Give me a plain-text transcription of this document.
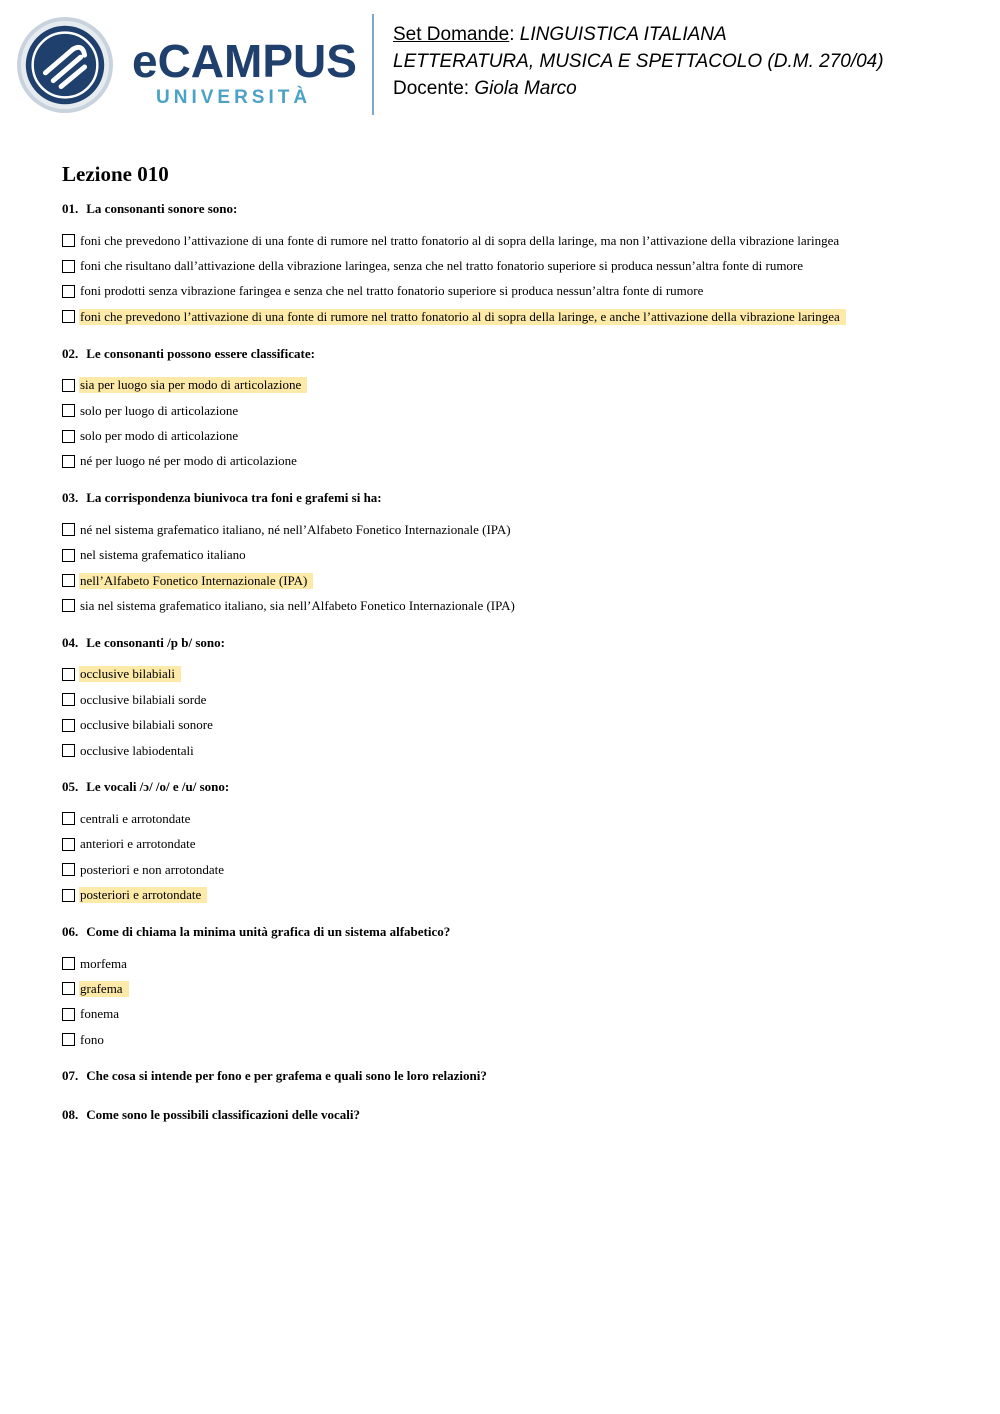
eCAMPUS
UNIVERSITÀ
Set Domande: LINGUISTICA ITALIANA
LETTERATURA, MUSICA E SPETTACOLO (D.M. 270/04)
Docente: Giola Marco
Lezione 010
01. La consonanti sonore sono:
foni che prevedono l’attivazione di una fonte di rumore nel tratto fonatorio al di sopra della laringe, ma non l’attivazione della vibrazione laringea
foni che risultano dall’attivazione della vibrazione laringea, senza che nel tratto fonatorio superiore si produca nessun’altra fonte di rumore
foni prodotti senza vibrazione faringea e senza che nel tratto fonatorio superiore si produca nessun’altra fonte di rumore
foni che prevedono l’attivazione di una fonte di rumore nel tratto fonatorio al di sopra della laringe, e anche l’attivazione della vibrazione laringea
02. Le consonanti possono essere classificate:
sia per luogo sia per modo di articolazione
solo per luogo di articolazione
solo per modo di articolazione
né per luogo né per modo di articolazione
03. La corrispondenza biunivoca tra foni e grafemi si ha:
né nel sistema grafematico italiano, né nell’Alfabeto Fonetico Internazionale (IPA)
nel sistema grafematico italiano
nell’Alfabeto Fonetico Internazionale (IPA)
sia nel sistema grafematico italiano, sia nell’Alfabeto Fonetico Internazionale (IPA)
04. Le consonanti /p b/ sono:
occlusive bilabiali
occlusive bilabiali sorde
occlusive bilabiali sonore
occlusive labiodentali
05. Le vocali /ɔ/ /o/ e /u/ sono:
centrali e arrotondate
anteriori e arrotondate
posteriori e non arrotondate
posteriori e arrotondate
06. Come di chiama la minima unità grafica di un sistema alfabetico?
morfema
grafema
fonema
fono
07. Che cosa si intende per fono e per grafema e quali sono le loro relazioni?
08. Come sono le possibili classificazioni delle vocali?
